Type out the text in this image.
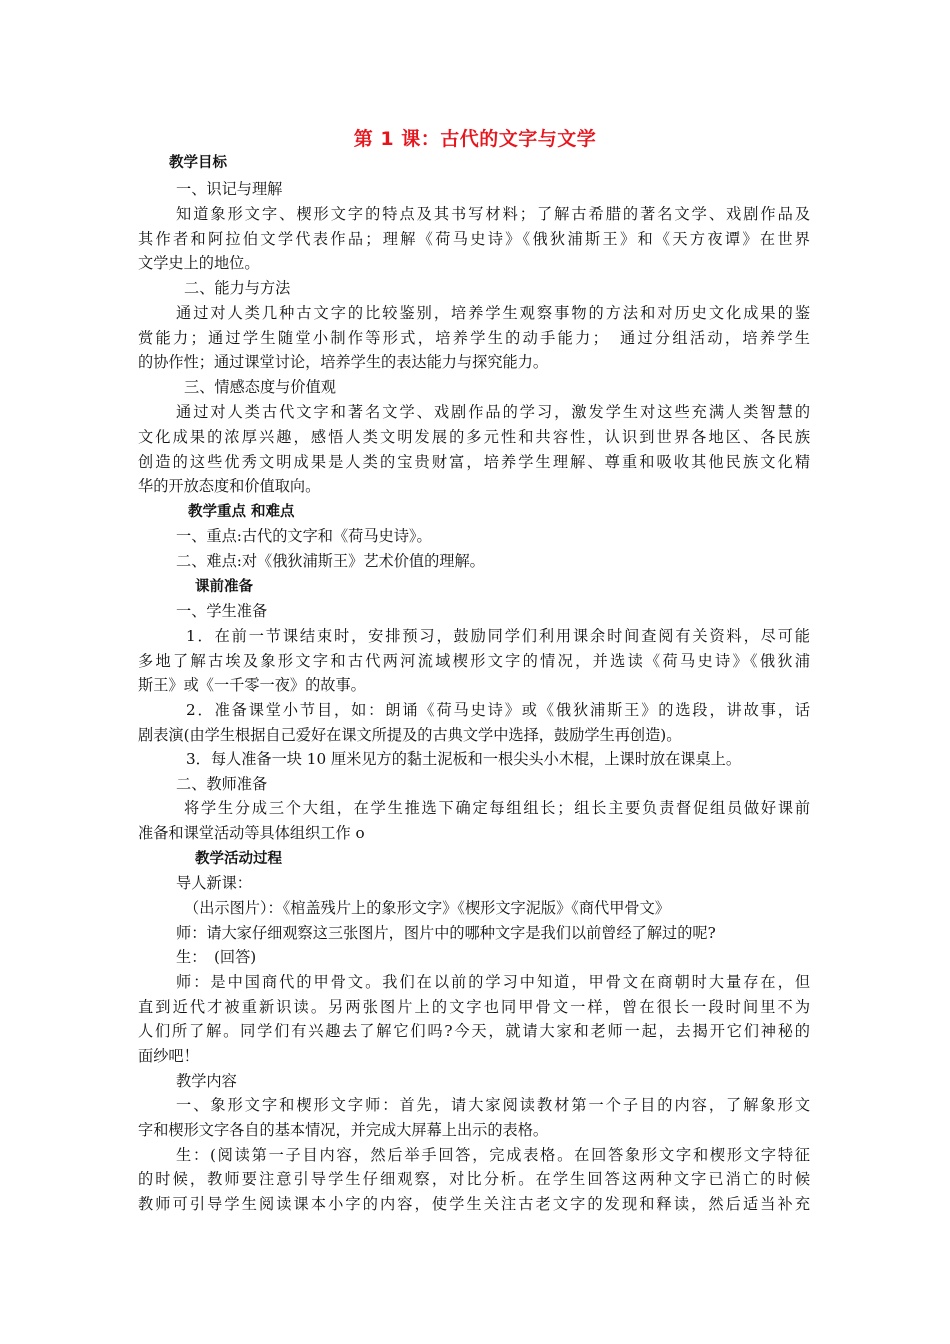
第 1 课：古代的文字与文学
教学目标
一、识记与理解
知道象形文字、楔形文字的特点及其书写材料；了解古希腊的著名文学、戏剧作品及
其作者和阿拉伯文学代表作品；理解《荷马史诗》《俄狄浦斯王》和《天方夜谭》在世界
文学史上的地位。
二、能力与方法
通过对人类几种古文字的比较鉴别，培养学生观察事物的方法和对历史文化成果的鉴
赏能力；通过学生随堂小制作等形式，培养学生的动手能力；　通过分组活动，培养学生
的协作性；通过课堂讨论，培养学生的表达能力与探究能力。
三、情感态度与价值观
通过对人类古代文字和著名文学、戏剧作品的学习，激发学生对这些充满人类智慧的
文化成果的浓厚兴趣，感悟人类文明发展的多元性和共容性，认识到世界各地区、各民族
创造的这些优秀文明成果是人类的宝贵财富，培养学生理解、尊重和吸收其他民族文化精
华的开放态度和价值取向。
教学重点 和难点
一、重点:古代的文字和《荷马史诗》。
二、难点:对《俄狄浦斯王》艺术价值的理解。
课前准备
一、学生准备
1．在前一节课结束时，安排预习，鼓励同学们利用课余时间查阅有关资料，尽可能
多地了解古埃及象形文字和古代两河流域楔形文字的情况，并选读《荷马史诗》《俄狄浦
斯王》或《一千零一夜》的故事。
2．准备课堂小节目，如：朗诵《荷马史诗》或《俄狄浦斯王》的选段，讲故事，话
剧表演(由学生根据自己爱好在课文所提及的古典文学中选择，鼓励学生再创造)。
3．每人准备一块 10 厘米见方的黏土泥板和一根尖头小木棍，上课时放在课桌上。
二、教师准备
将学生分成三个大组，在学生推选下确定每组组长；组长主要负责督促组员做好课前
准备和课堂活动等具体组织工作 o
教学活动过程
导人新课：
（出示图片）：《棺盖残片上的象形文字》《楔形文字泥版》《商代甲骨文》
师：请大家仔细观察这三张图片，图片中的哪种文字是我们以前曾经了解过的呢?
生：　(回答)
师：是中国商代的甲骨文。我们在以前的学习中知道，甲骨文在商朝时大量存在，但
直到近代才被重新识读。另两张图片上的文字也同甲骨文一样，曾在很长一段时间里不为
人们所了解。同学们有兴趣去了解它们吗?今天，就请大家和老师一起，去揭开它们神秘的
面纱吧！
教学内容
一、象形文字和楔形文字师：首先，请大家阅读教材第一个子目的内容，了解象形文
字和楔形文字各自的基本情况，并完成大屏幕上出示的表格。
生：(阅读第一子目内容，然后举手回答，完成表格。在回答象形文字和楔形文字特征
的时候，教师要注意引导学生仔细观察，对比分析。在学生回答这两种文字已消亡的时候
教师可引导学生阅读课本小字的内容，使学生关注古老文字的发现和释读，然后适当补充
